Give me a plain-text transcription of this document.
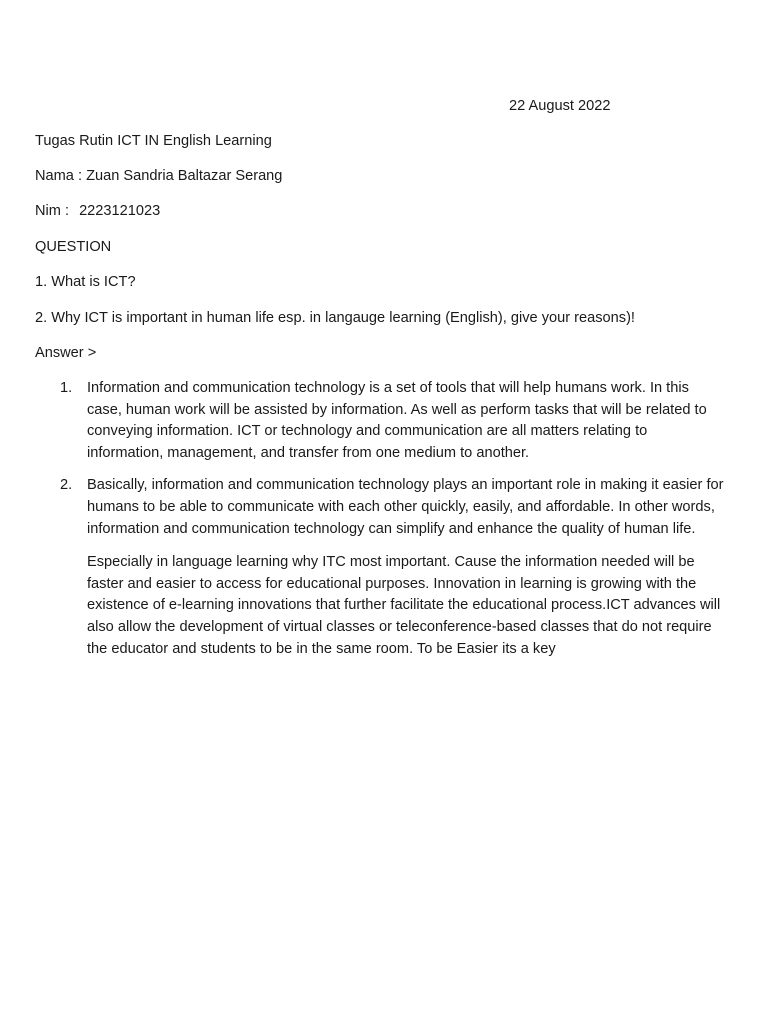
22 August 2022
Tugas Rutin ICT IN English Learning
Nama : Zuan Sandria Baltazar Serang
Nim : 2223121023
QUESTION
1. What is ICT?
2. Why ICT is important in human life esp. in langauge learning (English), give your reasons)!
Answer >
1. Information and communication technology is a set of tools that will help humans work. In this case, human work will be assisted by information. As well as perform tasks that will be related to conveying information. ICT or technology and communication are all matters relating to information, management, and transfer from one medium to another.

2. Basically, information and communication technology plays an important role in making it easier for humans to be able to communicate with each other quickly, easily, and affordable. In other words, information and communication technology can simplify and enhance the quality of human life.

Especially in language learning why ITC most important. Cause the information needed will be faster and easier to access for educational purposes. Innovation in learning is growing with the existence of e-learning innovations that further facilitate the educational process.ICT advances will also allow the development of virtual classes or teleconference-based classes that do not require the educator and students to be in the same room. To be Easier its a key
